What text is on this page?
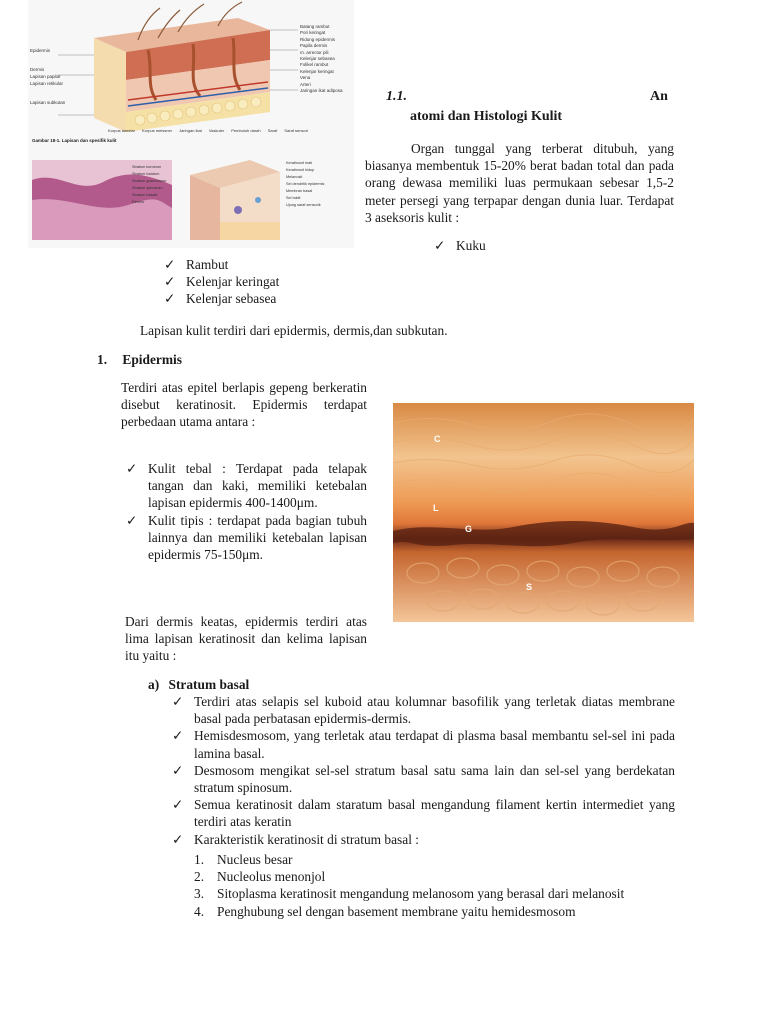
Epidermis
Dermis
Lapisan papilar
Lapisan retikular
Lapisan subkutan
Batang rambut
Pori keringat
Ridung epidermis
Papila dermis
m. arrector pili
Kelenjar sebasea
Folikel rambut
Kelenjar keringat
Vena
Arteri
Jaringan ikat adiposa
Korpus lamelar Korpus meissner Jaringan ikat Vaskuler Pembuluh darah Saraf Saraf sensori
Gambar 18-1. Lapisan dan spesifik kulit
Stratum korneum
Stratum lusidum
Stratum granulosum
Stratum spinosum
Stratum basale
Dermis
Keratinosit mati
Keratinosit hidup
Melanosit
Sel dendritik epidermis
Membran basal
Sel taktil
Ujung saraf sensorik
1.1.	An
atomi dan Histologi Kulit
Organ tunggal yang terberat ditubuh, yang biasanya membentuk 15-20% berat badan total dan pada orang dewasa memiliki luas permukaan sebesar 1,5-2 meter persegi yang terpapar dengan dunia luar. Terdapat 3 aseksoris kulit :
✓ Kuku
✓ Rambut
✓ Kelenjar keringat
✓ Kelenjar sebasea
Lapisan kulit terdiri dari epidermis, dermis,dan subkutan.
1. Epidermis
Terdiri atas epitel berlapis gepeng berkeratin disebut keratinosit. Epidermis terdapat perbedaan utama antara :
✓ Kulit tebal : Terdapat pada telapak tangan dan kaki, memiliki ketebalan lapisan epidermis 400-1400μm.
✓ Kulit tipis : terdapat pada bagian tubuh lainnya dan memiliki ketebalan lapisan epidermis 75-150μm.
Dari dermis keatas, epidermis terdiri atas lima lapisan keratinosit dan kelima lapisan itu yaitu :
C
L
G
S
a) Stratum basal
✓ Terdiri atas selapis sel kuboid atau kolumnar basofilik yang terletak diatas membrane basal pada perbatasan epidermis-dermis.
✓ Hemisdesmosom, yang terletak atau terdapat di plasma basal membantu sel-sel ini pada lamina basal.
✓ Desmosom mengikat sel-sel stratum basal satu sama lain dan sel-sel yang berdekatan stratum spinosum.
✓ Semua keratinosit dalam staratum basal mengandung filament kertin intermediet yang terdiri atas keratin
✓ Karakteristik keratinosit di stratum basal :
1. Nucleus besar
2. Nucleolus menonjol
3. Sitoplasma keratinosit mengandung melanosom yang berasal dari melanosit
4. Penghubung sel dengan basement membrane yaitu hemidesmosom
